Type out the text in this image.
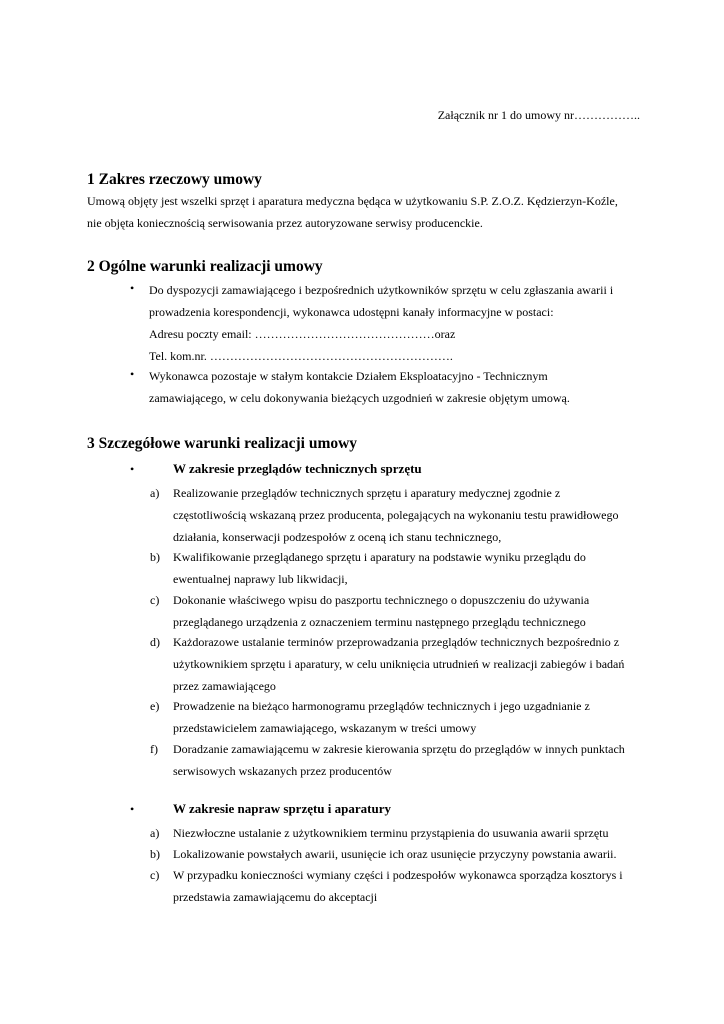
Załącznik nr 1 do umowy nr……………..
1 Zakres rzeczowy umowy
Umową objęty jest wszelki sprzęt i aparatura medyczna będąca w użytkowaniu S.P. Z.O.Z. Kędzierzyn-Koźle,
nie objęta koniecznością serwisowania przez autoryzowane serwisy producenckie.
2 Ogólne warunki realizacji umowy
• Do dyspozycji zamawiającego i bezpośrednich użytkowników sprzętu w celu zgłaszania awarii i
prowadzenia korespondencji, wykonawca udostępni kanały informacyjne w postaci:
Adresu poczty email: ………………………………………oraz
Tel. kom.nr. …………………………………………………….
• Wykonawca pozostaje w stałym kontakcie Działem Eksploatacyjno - Technicznym
zamawiającego, w celu dokonywania bieżących uzgodnień w zakresie objętym umową.
3 Szczegółowe warunki realizacji umowy
•	W zakresie przeglądów technicznych sprzętu
a) Realizowanie przeglądów technicznych sprzętu i aparatury medycznej zgodnie z
częstotliwością wskazaną przez producenta, polegających na wykonaniu testu prawidłowego
działania, konserwacji podzespołów z oceną ich stanu technicznego,
b) Kwalifikowanie przeglądanego sprzętu i aparatury na podstawie wyniku przeglądu do
ewentualnej naprawy lub likwidacji,
c) Dokonanie właściwego wpisu do paszportu technicznego o dopuszczeniu do używania
przeglądanego urządzenia z oznaczeniem terminu następnego przeglądu technicznego
d) Każdorazowe ustalanie terminów przeprowadzania przeglądów technicznych bezpośrednio z
użytkownikiem sprzętu i aparatury, w celu uniknięcia utrudnień w realizacji zabiegów i badań
przez zamawiającego
e) Prowadzenie na bieżąco harmonogramu przeglądów technicznych i jego uzgadnianie z
przedstawicielem zamawiającego, wskazanym w treści umowy
f) Doradzanie zamawiającemu w zakresie kierowania sprzętu do przeglądów w innych punktach
serwisowych wskazanych przez producentów
•	W zakresie napraw sprzętu i aparatury
a) Niezwłoczne ustalanie z użytkownikiem terminu przystąpienia do usuwania awarii sprzętu
b) Lokalizowanie powstałych awarii, usunięcie ich oraz usunięcie przyczyny powstania awarii.
c) W przypadku konieczności wymiany części i podzespołów wykonawca sporządza kosztorys i
przedstawia zamawiającemu do akceptacji
